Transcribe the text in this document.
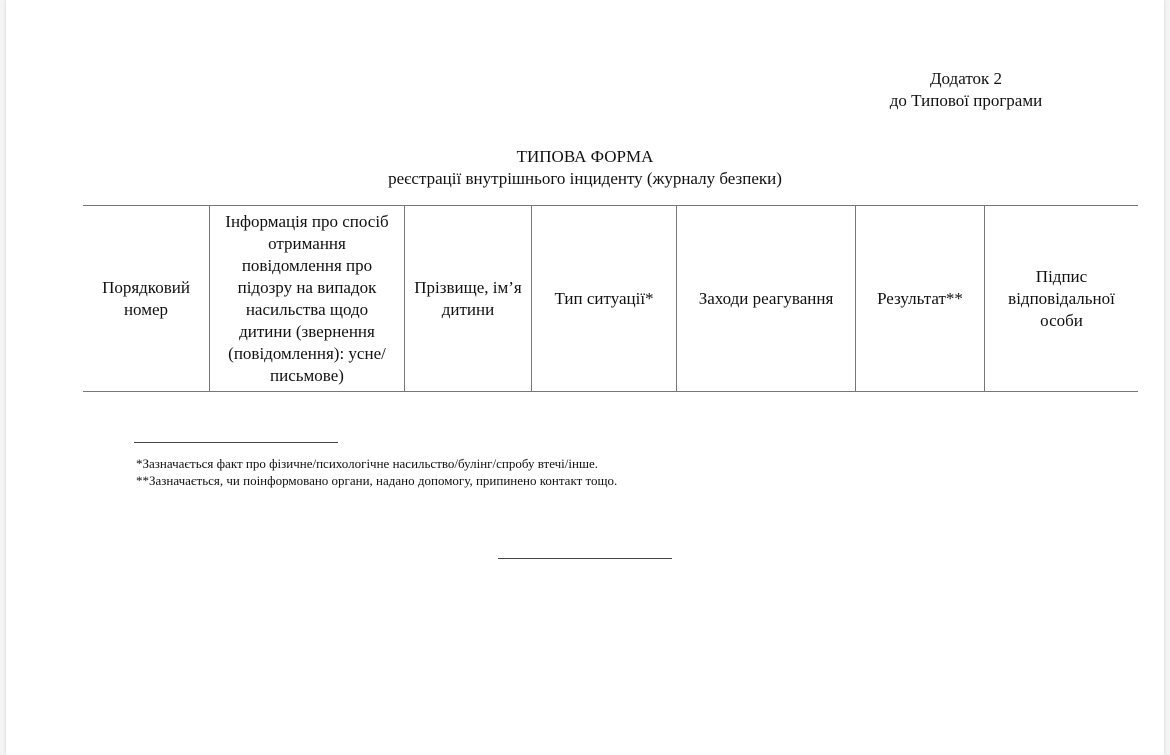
Додаток 2
до Типової програми
ТИПОВА ФОРМА
реєстрації внутрішнього інциденту (журналу безпеки)
Порядковий номер	Інформація про спосіб отримання повідомлення про підозру на випадок насильства щодо дитини (звернення (повідомлення): усне/письмове)	Прізвище, ім’я дитини	Тип ситуації*	Заходи реагування	Результат**	Підпис відповідальної особи
*Зазначається факт про фізичне/психологічне насильство/булінг/спробу втечі/інше.
**Зазначається, чи поінформовано органи, надано допомогу, припинено контакт тощо.
